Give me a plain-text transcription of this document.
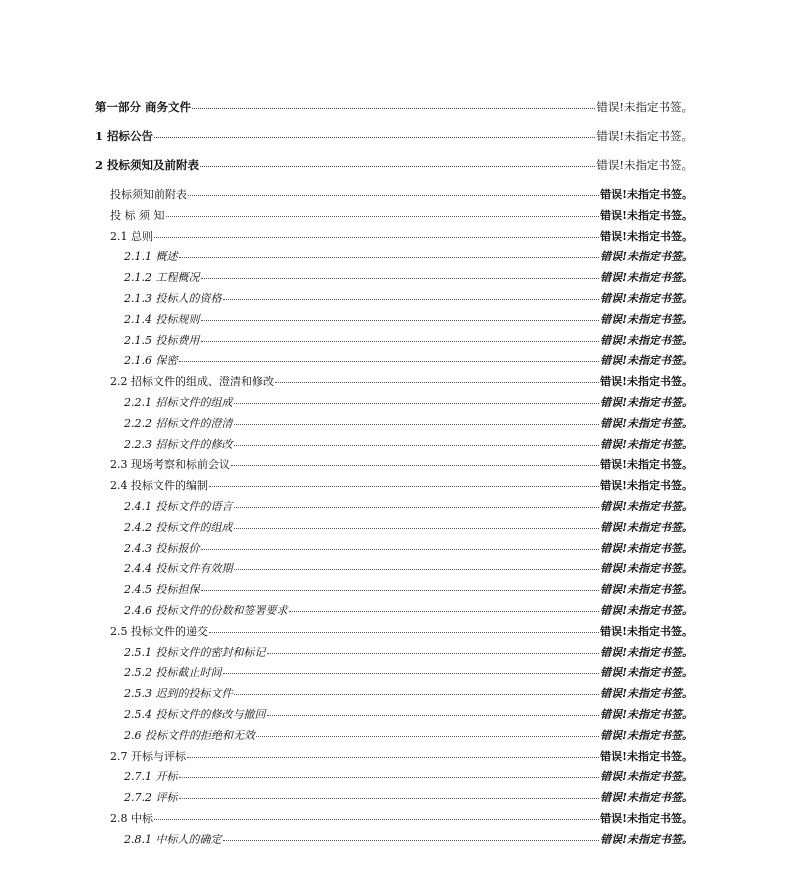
第一部分 商务文件	错误!未指定书签。
1 招标公告	错误!未指定书签。
2 投标须知及前附表	错误!未指定书签。
投标须知前附表	错误!未指定书签。
投 标 须 知	错误!未指定书签。
2.1 总则	错误!未指定书签。
2.1.1 概述	错误!未指定书签。
2.1.2 工程概况	错误!未指定书签。
2.1.3 投标人的资格	错误!未指定书签。
2.1.4 投标规则	错误!未指定书签。
2.1.5 投标费用	错误!未指定书签。
2.1.6 保密	错误!未指定书签。
2.2 招标文件的组成、澄清和修改	错误!未指定书签。
2.2.1 招标文件的组成	错误!未指定书签。
2.2.2 招标文件的澄清	错误!未指定书签。
2.2.3 招标文件的修改	错误!未指定书签。
2.3 现场考察和标前会议	错误!未指定书签。
2.4 投标文件的编制	错误!未指定书签。
2.4.1 投标文件的语言	错误!未指定书签。
2.4.2 投标文件的组成	错误!未指定书签。
2.4.3 投标报价	错误!未指定书签。
2.4.4 投标文件有效期	错误!未指定书签。
2.4.5 投标担保	错误!未指定书签。
2.4.6 投标文件的份数和签署要求	错误!未指定书签。
2.5 投标文件的递交	错误!未指定书签。
2.5.1 投标文件的密封和标记	错误!未指定书签。
2.5.2 投标截止时间	错误!未指定书签。
2.5.3 迟到的投标文件	错误!未指定书签。
2.5.4 投标文件的修改与撤回	错误!未指定书签。
2.6 投标文件的拒绝和无效	错误!未指定书签。
2.7 开标与评标	错误!未指定书签。
2.7.1 开标	错误!未指定书签。
2.7.2 评标	错误!未指定书签。
2.8 中标	错误!未指定书签。
2.8.1 中标人的确定	错误!未指定书签。
